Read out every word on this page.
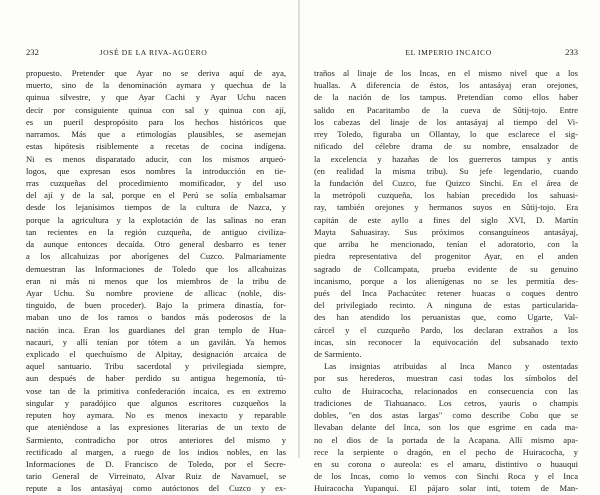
232	JOSÉ DE LA RIVA-AGÜERO
propuesto. Pretender que Ayar no se deriva aquí de aya,
muerto, sino de la denominación aymara y quechua de la
quinua silvestre, y que Ayar Cachi y Ayar Uchu nacen
decir por consiguiente quinua con sal y quinua con ají,
es un pueril despropósito para los hechos históricos que
narramos. Más que a etimologías plausibles, se asemejan
estas hipótesis risiblemente a recetas de cocina indígena.
Ni es menos disparatado aducir, con los mismos arqueó-
logos, que expresan esos nombres la introducción en tie-
rras cuzqueñas del procedimiento momificador, y del uso
del ají y de la sal, porque en el Perú se solía embalsamar
desde los lejanísimos tiempos de la cultura de Nazca, y
porque la agricultura y la explotación de las salinas no eran
tan recientes en la región cuzqueña, de antiguo civiliza-
da aunque entonces decaída. Otro general desbarro es tener
a los allcahuizas por aborígenes del Cuzco. Palmariamente
demuestran las Informaciones de Toledo que los allcahuizas
eran ni más ni menos que los miembros de la tribu de
Ayar Uchu. Su nombre proviene de allicac (noble, dis-
tinguido, de buen proceder). Bajo la primera dinastía, for-
maban uno de los ramos o bandos más poderosos de la
nación inca. Eran los guardianes del gran templo de Hua-
nacauri, y allí tenían por tótem a un gavilán. Ya hemos
explicado el quechuísmo de Alpitay, designación arcaica de
aquel santuario. Tribu sacerdotal y privilegiada siempre,
aun después de haber perdido su antigua hegemonía, tú-
vose tan de la primitiva confederación incaica, es en extremo
singular y paradójico que algunos escritores cuzqueños la
reputen hoy aymara. No es menos inexacto y reparable
que ateniéndose a las expresiones literarias de un texto de
Sarmiento, contradicho por otros anteriores del mismo y
rectificado al margen, a ruego de los indios nobles, en las
Informaciones de D. Francisco de Toledo, por el Secre-
tario General de Virreinato, Alvar Ruiz de Navamuel, se
repute a los antasáyaj como autóctonos del Cuzco y ex-
EL IMPERIO INCAICO	233
traños al linaje de los Incas, en el mismo nivel que a los
huallas. A diferencia de éstos, los antasáyaj eran orejones,
de la nación de los tampus. Pretendían como ellos haber
salido en Pacaritambo de la cueva de Sûtij-tojo. Entre
los cabezas del linaje de los antasáyaj al tiempo del Vi-
rrey Toledo, figuraba un Ollantay, lo que esclarece el sig-
nificado del célebre drama de su nombre, ensalzador de
la excelencia y hazañas de los guerreros tampus y antis
(en realidad la misma tribu). Su jefe legendario, cuando
la fundación del Cuzco, fue Quizco Sinchi. En el área de
la metrópoli cuzqueña, los habían precedido los sahuasi-
ray, también orejones y hermanos suyos en Sûtij-tojo. Era
capitán de este ayllo a fines del siglo XVI, D. Martín
Mayta Sahuasiray. Sus próximos consanguíneos antasáyaj,
que arriba he mencionado, tenían el adoratorio, con la
piedra representativa del progenitor Ayar, en el anden
sagrado de Collcampata, prueba evidente de su genuino
incanismo, porque a los alienígenas no se les permitía des-
pués del Inca Pachacútec retener huacas o coques dentro
del privilegiado recinto. A ninguna de estas particularida-
des han atendido los peruanistas que, como Ugarte, Val-
cárcel y el cuzqueño Pardo, los declaran extraños a los
incas, sin reconocer la equivocación del subsanado texto
de Sarmiento.
Las insignias atribuidas al Inca Manco y ostentadas
por sus herederos, muestran casi todas los símbolos del
culto de Huiracocha, relacionados en consecuencia con las
tradiciones de Tiahuanaco. Los cetros, yauris o champis
dobles, "en dos astas largas" como describe Cobo que se
llevaban delante del Inca, son los que esgrime en cada ma-
no el dios de la portada de la Acapana. Allí mismo apa-
rece la serpiente o dragón, en el pecho de Huiracocha, y
en su corona o aureola: es el amaru, distintivo o huauqui
de los Incas, como lo vemos con Sinchi Roca y el Inca
Huiracocha Yupanqui. El pájaro solar inti, totem de Man-
